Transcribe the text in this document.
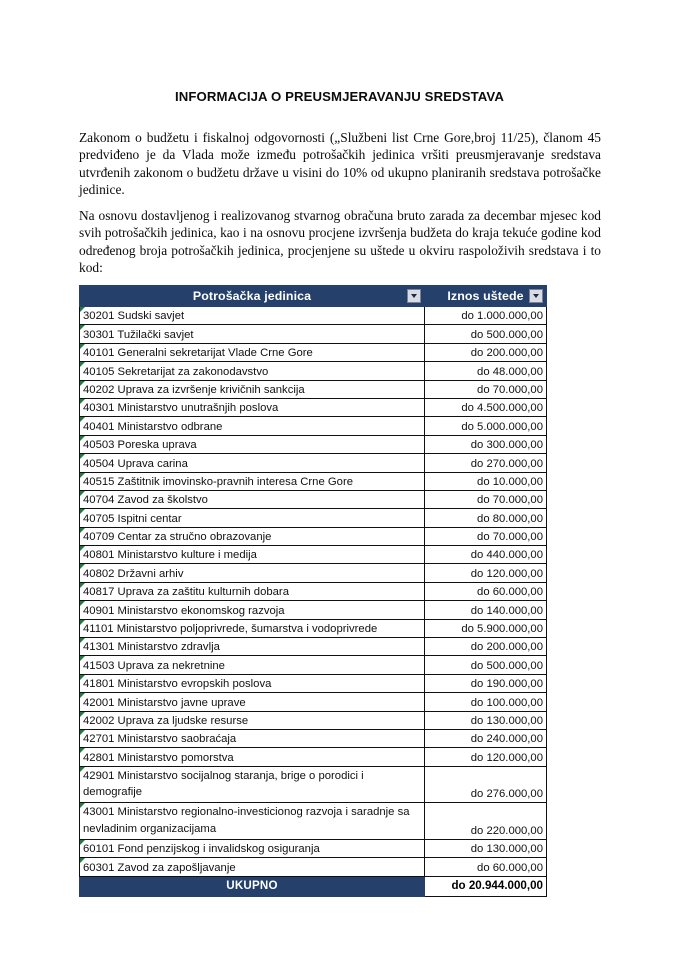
INFORMACIJA O PREUSMJERAVANJU SREDSTAVA
Zakonom o budžetu i fiskalnoj odgovornosti („Službeni list Crne Gore,broj 11/25), članom 45 predviđeno je da Vlada može između potrošačkih jedinica vršiti preusmjeravanje sredstava utvrđenih zakonom o budžetu države u visini do 10% od ukupno planiranih sredstava potrošačke jedinice.
Na osnovu dostavljenog i realizovanog stvarnog obračuna bruto zarada za decembar mjesec kod svih potrošačkih jedinica, kao i na osnovu procjene izvršenja budžeta do kraja tekuće godine kod određenog broja potrošačkih jedinica, procjenjene su uštede u okviru raspoloživih sredstava i to kod:
Potrošačka jedinica	Iznos uštede

30201 Sudski savjet	do 1.000.000,00
30301 Tužilački savjet	do 500.000,00
40101 Generalni sekretarijat Vlade Crne Gore	do 200.000,00
40105 Sekretarijat za zakonodavstvo	do 48.000,00
40202 Uprava za izvršenje krivičnih sankcija	do 70.000,00
40301 Ministarstvo unutrašnjih poslova	do 4.500.000,00
40401 Ministarstvo odbrane	do 5.000.000,00
40503 Poreska uprava	do 300.000,00
40504 Uprava carina	do 270.000,00
40515 Zaštitnik imovinsko-pravnih interesa Crne Gore	do 10.000,00
40704 Zavod za školstvo	do 70.000,00
40705 Ispitni centar	do 80.000,00
40709 Centar za stručno obrazovanje	do 70.000,00
40801 Ministarstvo kulture i medija	do 440.000,00
40802 Državni arhiv	do 120.000,00
40817 Uprava za zaštitu kulturnih dobara	do 60.000,00
40901 Ministarstvo ekonomskog razvoja	do 140.000,00
41101 Ministarstvo poljoprivrede, šumarstva i vodoprivrede	do 5.900.000,00
41301 Ministarstvo zdravlja	do 200.000,00
41503 Uprava za nekretnine	do 500.000,00
41801 Ministarstvo evropskih poslova	do 190.000,00
42001 Ministarstvo javne uprave	do 100.000,00
42002 Uprava za ljudske resurse	do 130.000,00
42701 Ministarstvo saobraćaja	do 240.000,00
42801 Ministarstvo pomorstva	do 120.000,00
42901 Ministarstvo socijalnog staranja, brige o porodici i demografije	do 276.000,00
43001 Ministarstvo regionalno-investicionog razvoja i saradnje sa nevladinim organizacijama	do 220.000,00
60101 Fond penzijskog i invalidskog osiguranja	do 130.000,00
60301 Zavod za zapošljavanje	do 60.000,00
UKUPNO	do 20.944.000,00
